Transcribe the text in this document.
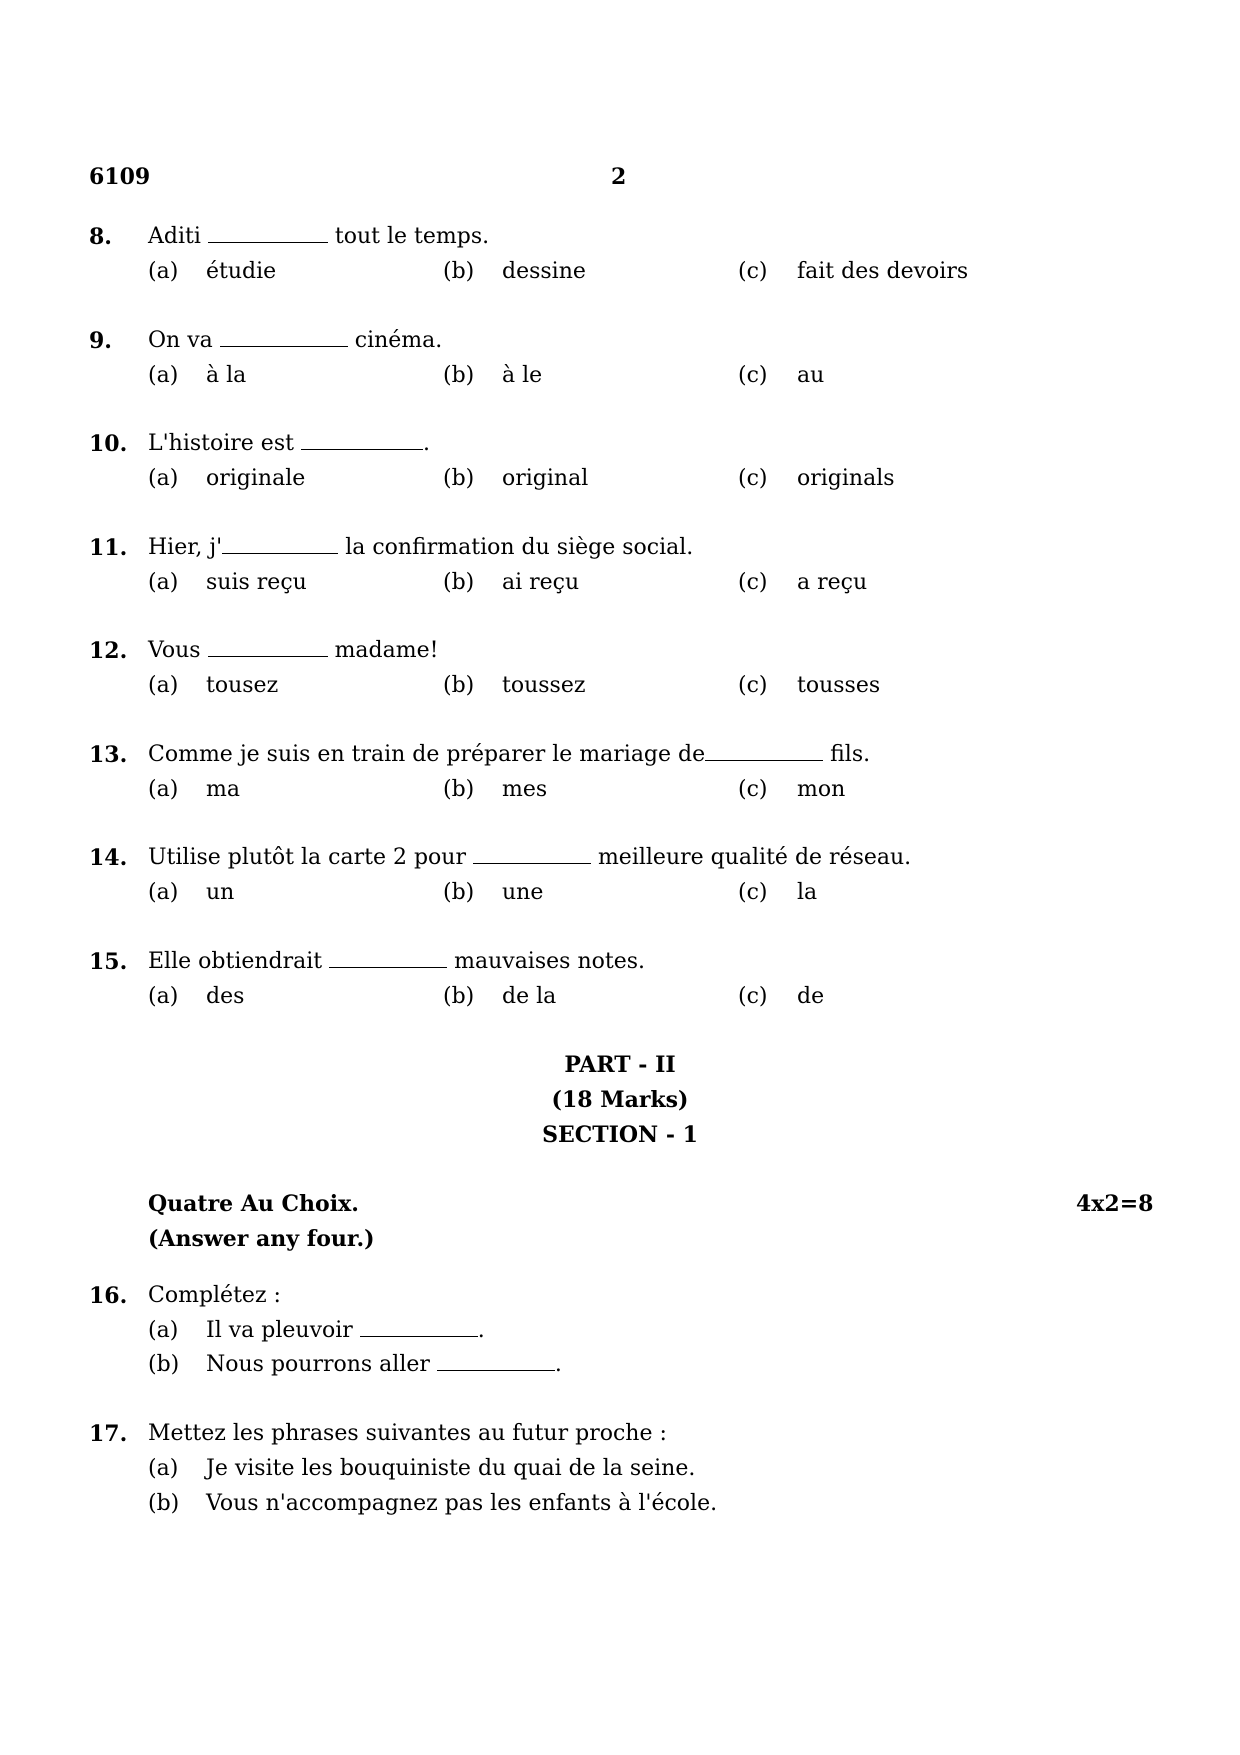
6109	2
8. Aditi	tout le temps.
(a) étudie	(b) dessine	(c) fait des devoirs
9. On va	cinéma.
(a) à la	(b) à le	(c) au
10. L'histoire est	.
(a) originale	(b) original	(c) originals
11. Hier, j'	la confirmation du siège social.
(a) suis reçu	(b) ai reçu	(c) a reçu
12. Vous	madame!
(a) tousez	(b) toussez	(c) tousses
13. Comme je suis en train de préparer le mariage de	fils.
(a) ma	(b) mes	(c) mon
14. Utilise plutôt la carte 2 pour	meilleure qualité de réseau.
(a) un	(b) une	(c) la
15. Elle obtiendrait	mauvaises notes.
(a) des	(b) de la	(c) de
PART - II
(18 Marks)
SECTION - 1
Quatre Au Choix.
(Answer any four.)
4x2=8
16. Complétez :
(a) Il va pleuvoir	.
(b) Nous pourrons aller	.
17. Mettez les phrases suivantes au futur proche :
(a) Je visite les bouquiniste du quai de la seine.
(b) Vous n'accompagnez pas les enfants à l'école.
